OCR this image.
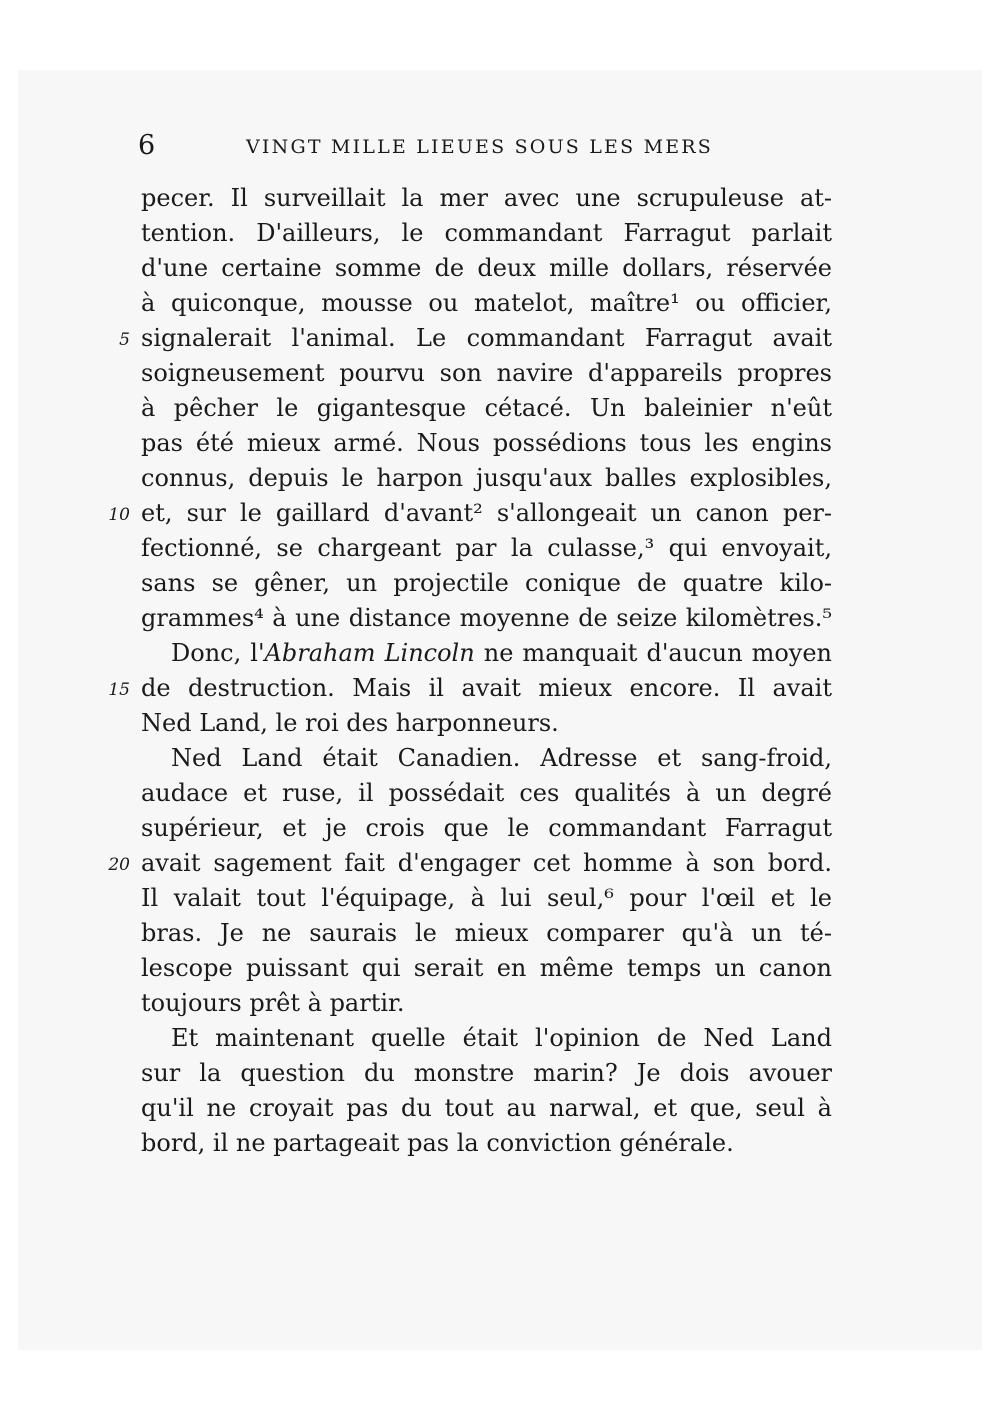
6	VINGT MILLE LIEUES SOUS LES MERS
pecer. Il surveillait la mer avec une scrupuleuse at-
tention. D'ailleurs, le commandant Farragut parlait
d'une certaine somme de deux mille dollars, réservée
à quiconque, mousse ou matelot, maître¹ ou officier,
5 signalerait l'animal. Le commandant Farragut avait
soigneusement pourvu son navire d'appareils propres
à pêcher le gigantesque cétacé. Un baleinier n'eût
pas été mieux armé. Nous possédions tous les engins
connus, depuis le harpon jusqu'aux balles explosibles,
10 et, sur le gaillard d'avant² s'allongeait un canon per-
fectionné, se chargeant par la culasse,³ qui envoyait,
sans se gêner, un projectile conique de quatre kilo-
grammes⁴ à une distance moyenne de seize kilomètres.⁵
Donc, l'Abraham Lincoln ne manquait d'aucun moyen
15 de destruction. Mais il avait mieux encore. Il avait
Ned Land, le roi des harponneurs.
Ned Land était Canadien. Adresse et sang-froid,
audace et ruse, il possédait ces qualités à un degré
supérieur, et je crois que le commandant Farragut
20 avait sagement fait d'engager cet homme à son bord.
Il valait tout l'équipage, à lui seul,⁶ pour l'œil et le
bras. Je ne saurais le mieux comparer qu'à un té-
lescope puissant qui serait en même temps un canon
toujours prêt à partir.
Et maintenant quelle était l'opinion de Ned Land
sur la question du monstre marin? Je dois avouer
qu'il ne croyait pas du tout au narwal, et que, seul à
bord, il ne partageait pas la conviction générale.
